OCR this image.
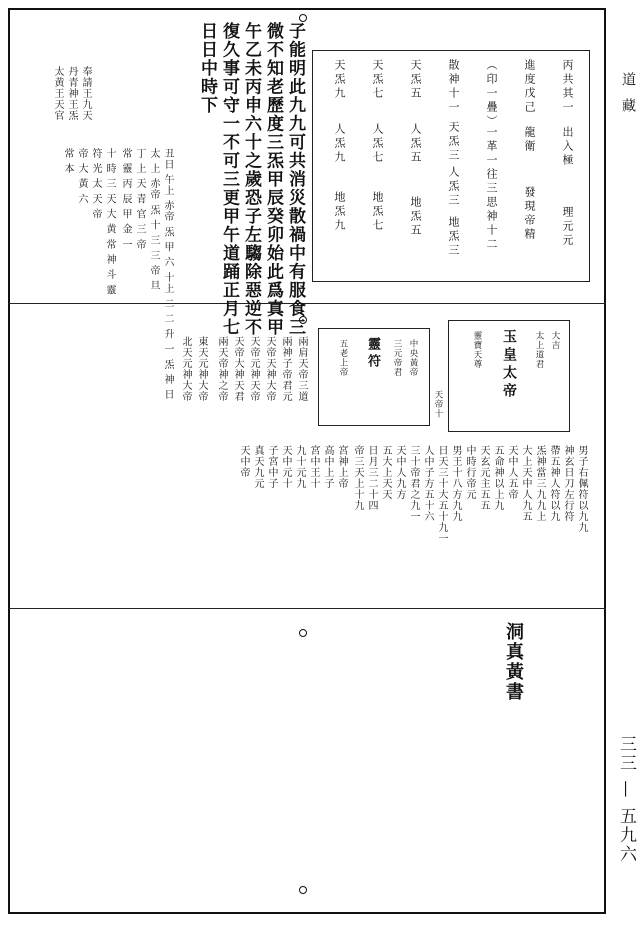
道藏
三三 — 五九六
丙共其一
出入極
理元元
進度戊己
龍衛
發現帝精
（印一疊）
一革一往三
思神十二
散神十一
天炁三
人炁三
地炁三
天炁五
人炁五
地炁五
天炁七
人炁七
地炁七
天炁九
人炁九
地炁九
子能明此九九可共消災散禍中有服食三
微不知老歷度三炁甲辰癸卯始此爲真甲
午乙未丙申六十之歲恐子左騶除惡逆不
復久事可守一不可三更甲午道踊正月七
日日中時下
丑日 午上 赤帝 炁 甲 六 十上 二 二 升 一 炁 神 日
太 上 赤帝 炁 十 三 三 帝 旦
丁 上 天 青 官 三 帝
常 靈 丙 辰 甲 金 一
十 時 三 天 大 黄 常 神 斗 靈
符 光 太 天 帝
帝 大 黃 六
常 本
奉請王九天
丹青神王炁
太黄王天官
玉皇太帝
靈寶天尊	太上道君 大吉
靈符
五老上帝	三元帝君 中央黃帝
天帝十
兩肩天帝三道
兩神子帝君元
天帝天神大帝
天帝元神天帝
天帝大神天君
兩天帝神之帝
東天元神大帝
北天元神大帝
男子右佩符以九九
神玄日刀左行符
帶五神人符以九
炁神當三九九上
大上天中人九五
天中人五帝
五命神以上九
天玄元主五五
中時行帝元
男王十八方九九
日天三十大五十九一
人中子方五十六
三十帝君之九一
天中人九方
五大上天天
日月三二十四
帝三天上十九
宮神上帝
高中上子
宮中王十
九十元九
天中元十
子宮中子
真天九元
天中帝
洞真黃書
